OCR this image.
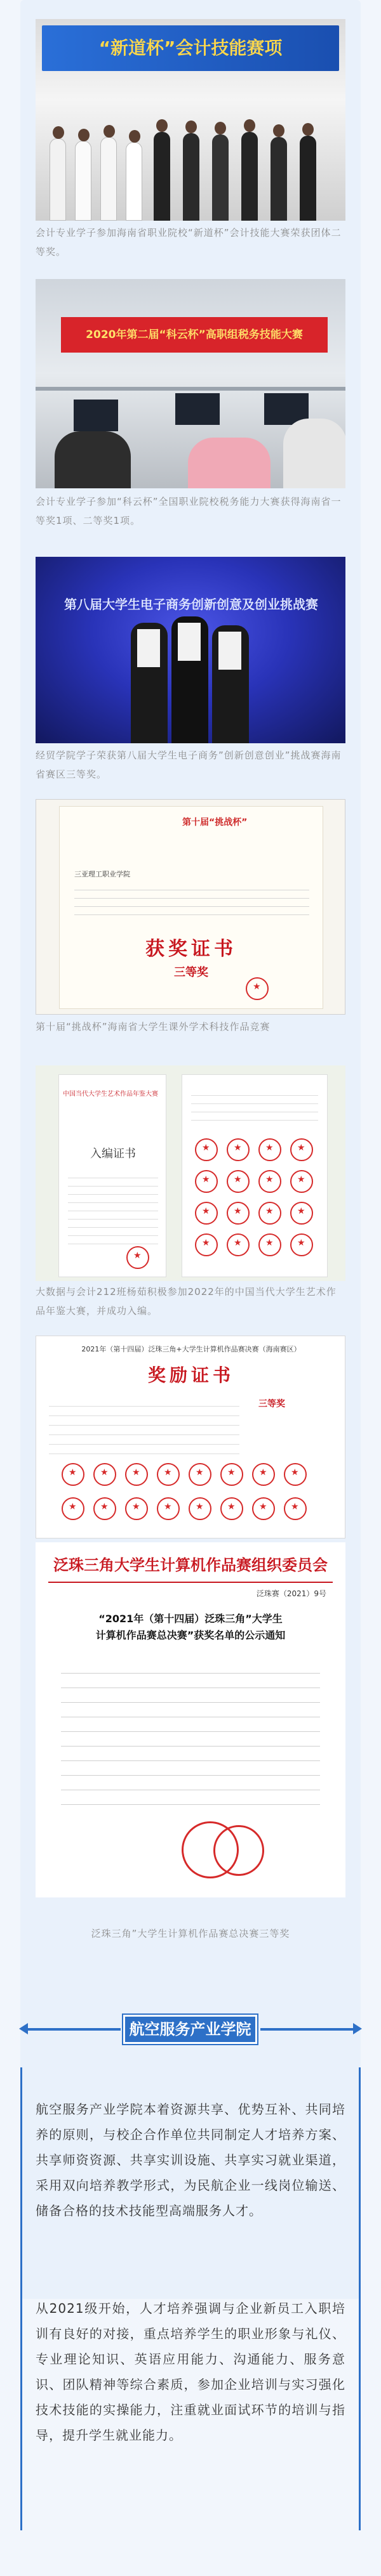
“新道杯”会计技能赛项
会计专业学子参加海南省职业院校“新道杯”会计技能大赛荣获团体二等奖。
2020年第二届“科云杯”高职组税务技能大赛
会计专业学子参加“科云杯”全国职业院校税务能力大赛获得海南省一等奖1项、二等奖1项。
第八届大学生电子商务创新创意及创业挑战赛
经贸学院学子荣获第八届大学生电子商务”创新创意创业”挑战赛海南省赛区三等奖。
第十届“挑战杯”
三亚理工职业学院
获奖证书
三等奖
★
第十届“挑战杯”海南省大学生课外学术科技作品竞赛
中国当代大学生艺术作品年鉴大赛
入编证书
★
★
★
★
★
★
★
★
★
★
★
★
★
★
★
★
★
大数据与会计212班杨茹积极参加2022年的中国当代大学生艺术作品年鉴大赛，并成功入编。
2021年（第十四届）泛珠三角+大学生计算机作品赛决赛（海南赛区）
奖励证书
三等奖
★
★
★
★
★
★
★
★
★
★
★
★
★
★
★
★
泛珠三角大学生计算机作品赛组织委员会
泛珠赛（2021）9号
“2021年（第十四届）泛珠三角”大学生
计算机作品赛总决赛”获奖名单的公示通知
泛珠三角”大学生计算机作品赛总决赛三等奖
航空服务产业学院

航空服务产业学院本着资源共享、优势互补、共同培养的原则，与校企合作单位共同制定人才培养方案、共享师资资源、共享实训设施、共享实习就业渠道，采用双向培养教学形式，为民航企业一线岗位输送、储备合格的技术技能型高端服务人才。

从2021级开始，人才培养强调与企业新员工入职培训有良好的对接，重点培养学生的职业形象与礼仪、专业理论知识、英语应用能力、沟通能力、服务意识、团队精神等综合素质，参加企业培训与实习强化技术技能的实操能力，注重就业面试环节的培训与指导，提升学生就业能力。
